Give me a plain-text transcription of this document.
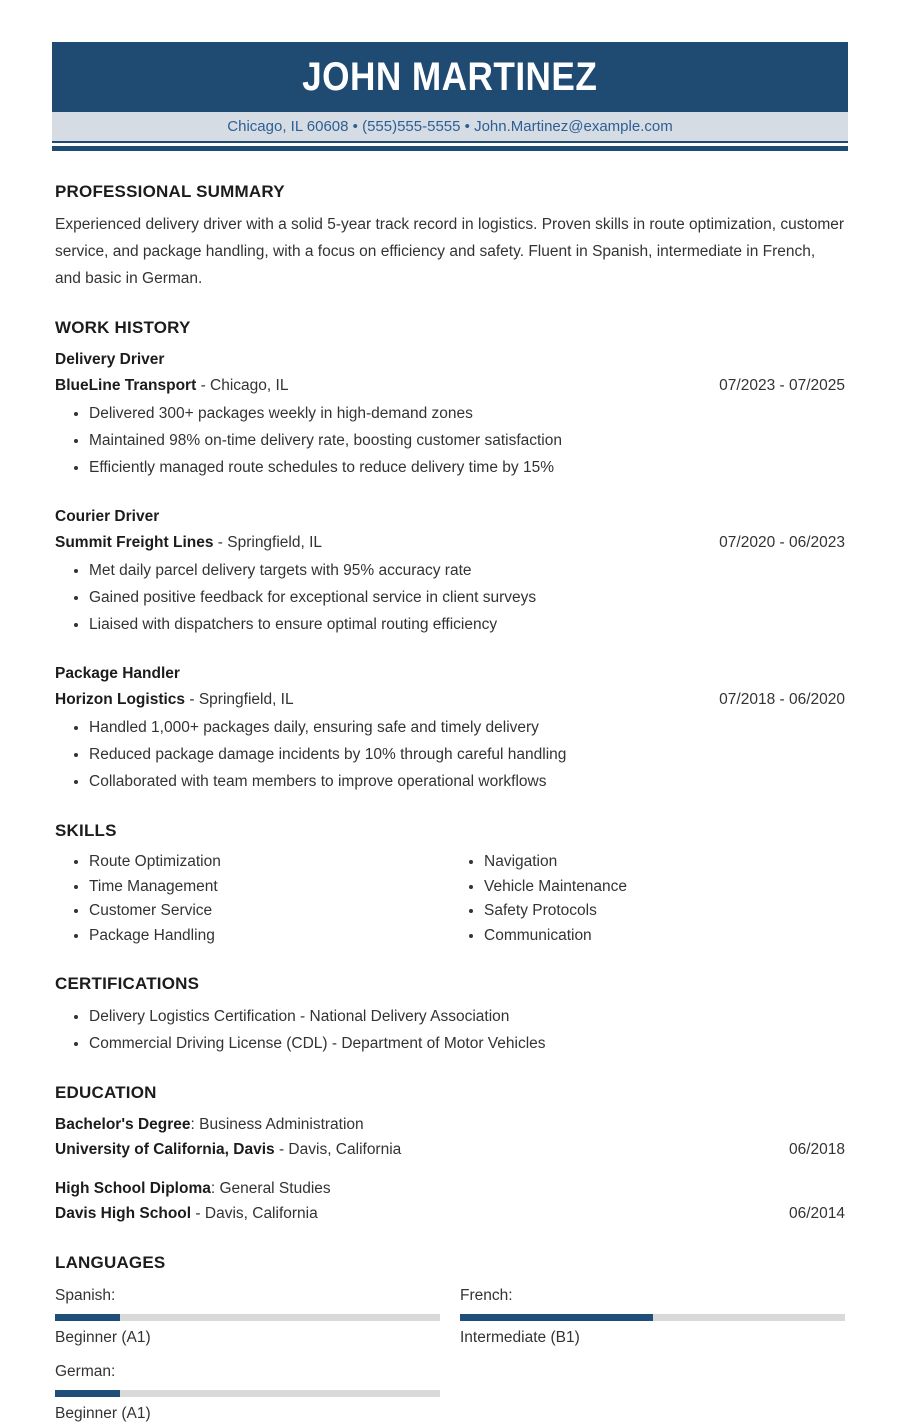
JOHN MARTINEZ
Chicago, IL 60608 • (555)555-5555 • John.Martinez@example.com
PROFESSIONAL SUMMARY

Experienced delivery driver with a solid 5-year track record in logistics. Proven skills in route optimization, customer service, and package handling, with a focus on efficiency and safety. Fluent in Spanish, intermediate in French, and basic in German.

WORK HISTORY
Delivery Driver
BlueLine Transport - Chicago, IL	07/2023 - 07/2025
• Delivered 300+ packages weekly in high-demand zones
• Maintained 98% on-time delivery rate, boosting customer satisfaction
• Efficiently managed route schedules to reduce delivery time by 15%
Courier Driver
Summit Freight Lines - Springfield, IL	07/2020 - 06/2023
• Met daily parcel delivery targets with 95% accuracy rate
• Gained positive feedback for exceptional service in client surveys
• Liaised with dispatchers to ensure optimal routing efficiency
Package Handler
Horizon Logistics - Springfield, IL	07/2018 - 06/2020
• Handled 1,000+ packages daily, ensuring safe and timely delivery
• Reduced package damage incidents by 10% through careful handling
• Collaborated with team members to improve operational workflows
SKILLS
• Route Optimization
• Time Management
• Customer Service
• Package Handling
• Navigation
• Vehicle Maintenance
• Safety Protocols
• Communication
CERTIFICATIONS
• Delivery Logistics Certification - National Delivery Association
• Commercial Driving License (CDL) - Department of Motor Vehicles
EDUCATION
Bachelor's Degree: Business Administration
University of California, Davis - Davis, California	06/2018
High School Diploma: General Studies
Davis High School - Davis, California	06/2014
LANGUAGES
Spanish:
Beginner (A1)
French:
Intermediate (B1)
German:
Beginner (A1)
